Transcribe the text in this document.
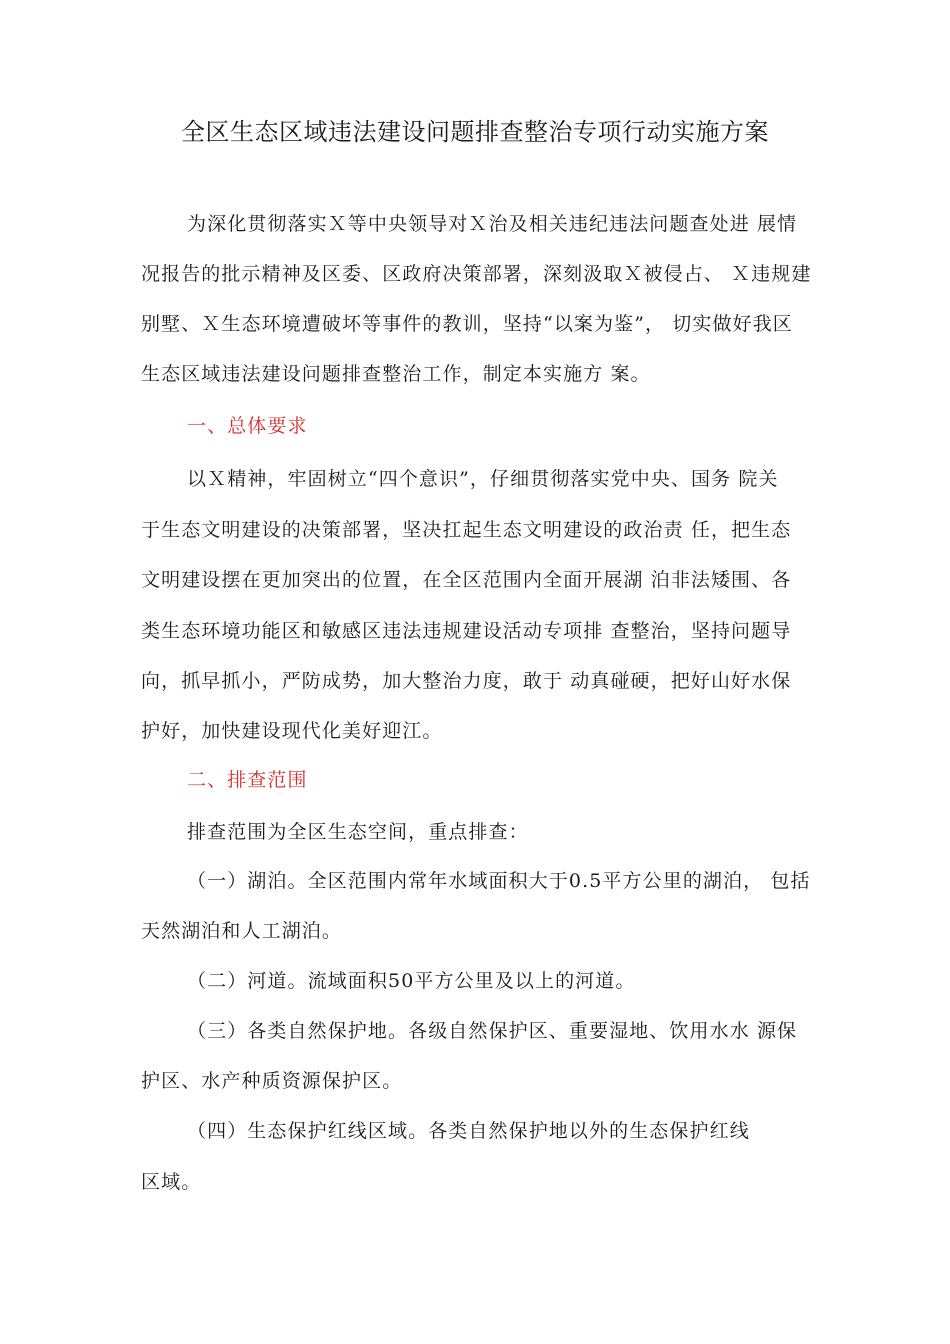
全区生态区域违法建设问题排查整治专项行动实施方案
为深化贯彻落实Ｘ等中央领导对Ｘ治及相关违纪违法问题查处进 展情
况报告的批示精神及区委、区政府决策部署，深刻汲取Ｘ被侵占、 Ｘ违规建
别墅、Ｘ生态环境遭破坏等事件的教训，坚持“以案为鉴”， 切实做好我区
生态区域违法建设问题排查整治工作，制定本实施方 案。
一、总体要求
以Ｘ精神，牢固树立“四个意识”，仔细贯彻落实党中央、国务 院关
于生态文明建设的决策部署，坚决扛起生态文明建设的政治责 任，把生态
文明建设摆在更加突出的位置，在全区范围内全面开展湖 泊非法矮围、各
类生态环境功能区和敏感区违法违规建设活动专项排 查整治，坚持问题导
向，抓早抓小，严防成势，加大整治力度，敢于 动真碰硬，把好山好水保
护好，加快建设现代化美好迎江。
二、排查范围
排查范围为全区生态空间，重点排查：
（一）湖泊。全区范围内常年水域面积大于0.5平方公里的湖泊， 包括
天然湖泊和人工湖泊。
（二）河道。流域面积50平方公里及以上的河道。
（三）各类自然保护地。各级自然保护区、重要湿地、饮用水水 源保
护区、水产种质资源保护区。
（四）生态保护红线区域。各类自然保护地以外的生态保护红线
区域。
